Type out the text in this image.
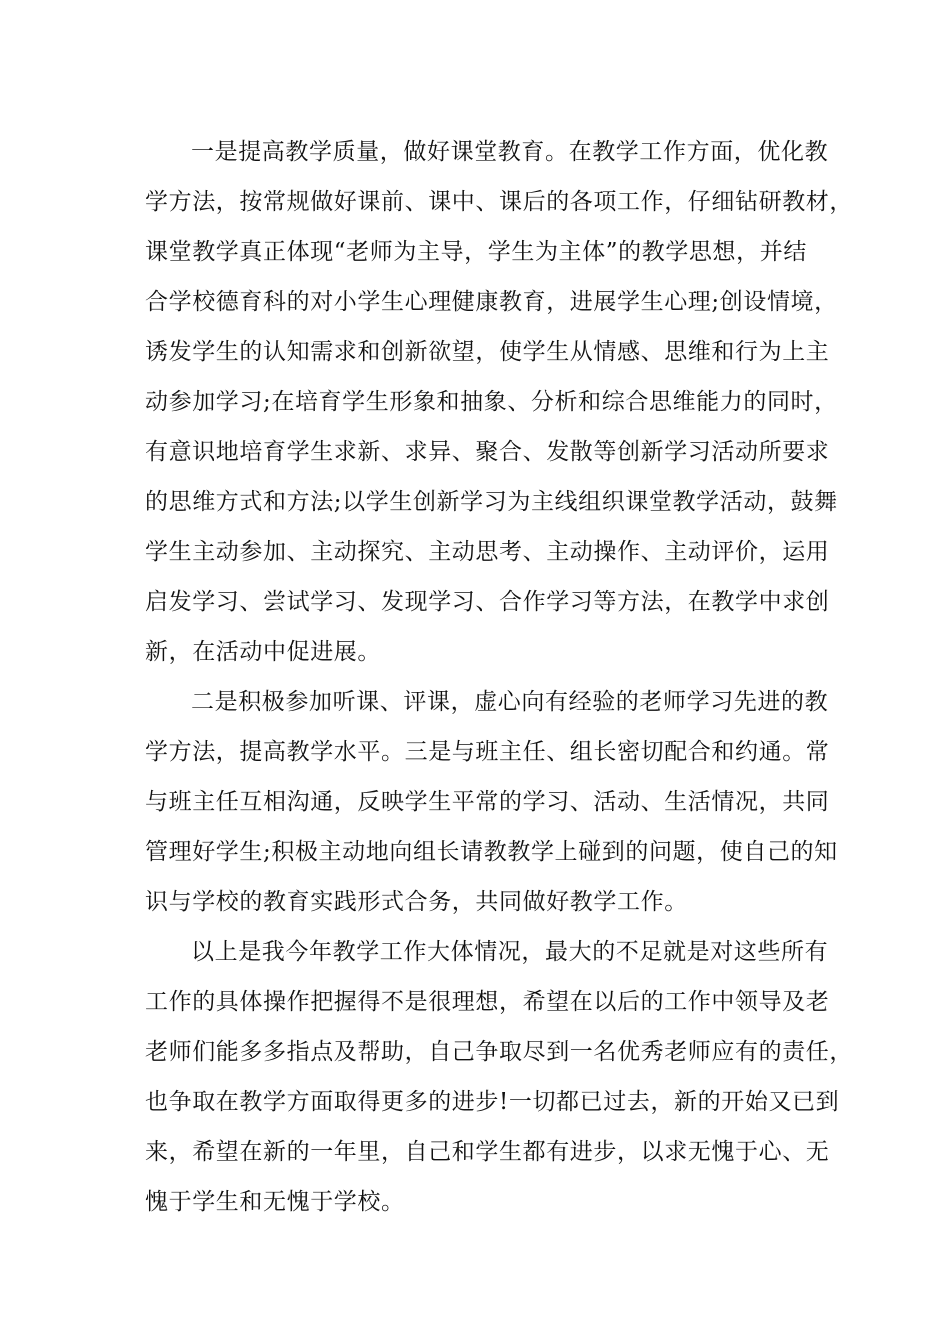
一是提高教学质量，做好课堂教育。在教学工作方面，优化教
学方法，按常规做好课前、课中、课后的各项工作，仔细钻研教材，
课堂教学真正体现“老师为主导，学生为主体”的教学思想，并结
合学校德育科的对小学生心理健康教育，进展学生心理;创设情境，
诱发学生的认知需求和创新欲望，使学生从情感、思维和行为上主
动参加学习;在培育学生形象和抽象、分析和综合思维能力的同时，
有意识地培育学生求新、求异、聚合、发散等创新学习活动所要求
的思维方式和方法;以学生创新学习为主线组织课堂教学活动，鼓舞
学生主动参加、主动探究、主动思考、主动操作、主动评价，运用
启发学习、尝试学习、发现学习、合作学习等方法，在教学中求创
新，在活动中促进展。
二是积极参加听课、评课，虚心向有经验的老师学习先进的教
学方法，提高教学水平。三是与班主任、组长密切配合和约通。常
与班主任互相沟通，反映学生平常的学习、活动、生活情况，共同
管理好学生;积极主动地向组长请教教学上碰到的问题，使自己的知
识与学校的教育实践形式合务，共同做好教学工作。
以上是我今年教学工作大体情况，最大的不足就是对这些所有
工作的具体操作把握得不是很理想，希望在以后的工作中领导及老
老师们能多多指点及帮助，自己争取尽到一名优秀老师应有的责任，
也争取在教学方面取得更多的进步!一切都已过去，新的开始又已到
来，希望在新的一年里，自己和学生都有进步，以求无愧于心、无
愧于学生和无愧于学校。
